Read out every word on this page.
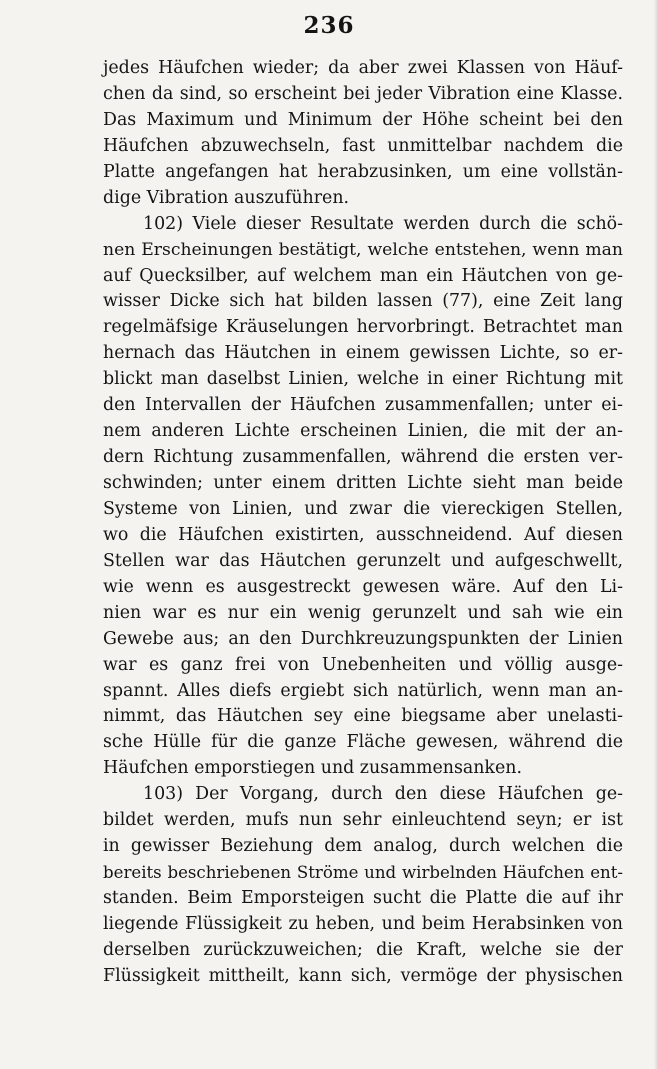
236
jedes Häufchen wieder; da aber zwei Klassen von Häuf-
chen da sind, so erscheint bei jeder Vibration eine Klasse.
Das Maximum und Minimum der Höhe scheint bei den
Häufchen abzuwechseln, fast unmittelbar nachdem die
Platte angefangen hat herabzusinken, um eine vollstän-
dige Vibration auszuführen.
102) Viele dieser Resultate werden durch die schö-
nen Erscheinungen bestätigt, welche entstehen, wenn man
auf Quecksilber, auf welchem man ein Häutchen von ge-
wisser Dicke sich hat bilden lassen (77), eine Zeit lang
regelmäfsige Kräuselungen hervorbringt. Betrachtet man
hernach das Häutchen in einem gewissen Lichte, so er-
blickt man daselbst Linien, welche in einer Richtung mit
den Intervallen der Häufchen zusammenfallen; unter ei-
nem anderen Lichte erscheinen Linien, die mit der an-
dern Richtung zusammenfallen, während die ersten ver-
schwinden; unter einem dritten Lichte sieht man beide
Systeme von Linien, und zwar die viereckigen Stellen,
wo die Häufchen existirten, ausschneidend. Auf diesen
Stellen war das Häutchen gerunzelt und aufgeschwellt,
wie wenn es ausgestreckt gewesen wäre. Auf den Li-
nien war es nur ein wenig gerunzelt und sah wie ein
Gewebe aus; an den Durchkreuzungspunkten der Linien
war es ganz frei von Unebenheiten und völlig ausge-
spannt. Alles diefs ergiebt sich natürlich, wenn man an-
nimmt, das Häutchen sey eine biegsame aber unelasti-
sche Hülle für die ganze Fläche gewesen, während die
Häufchen emporstiegen und zusammensanken.
103) Der Vorgang, durch den diese Häufchen ge-
bildet werden, mufs nun sehr einleuchtend seyn; er ist
in gewisser Beziehung dem analog, durch welchen die
bereits beschriebenen Ströme und wirbelnden Häufchen ent-
standen. Beim Emporsteigen sucht die Platte die auf ihr
liegende Flüssigkeit zu heben, und beim Herabsinken von
derselben zurückzuweichen; die Kraft, welche sie der
Flüssigkeit mittheilt, kann sich, vermöge der physischen
